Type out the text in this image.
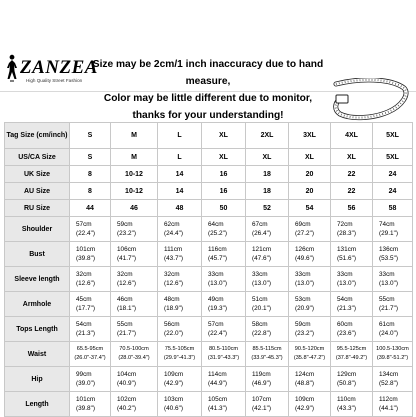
ZANZEA
High Quality Street Fashion
Size may be 2cm/1 inch inaccuracy due to hand measure,
Color may be little different due to monitor,
thanks for your understanding!
Tag Size (cm/inch)	S	M	L	XL	2XL	3XL	4XL	5XL
US/CA Size	S	M	L	XL	XL	XL	XL	5XL
UK Size	8	10-12	14	16	18	20	22	24
AU Size	8	10-12	14	16	18	20	22	24
RU Size	44	46	48	50	52	54	56	58
Shoulder	57cm
(22.4")	59cm
(23.2")	62cm
(24.4")	64cm
(25.2")	67cm
(26.4")	69cm
(27.2")	72cm
(28.3")	74cm
(29.1")

Bust	101cm
(39.8")	106cm
(41.7")	111cm
(43.7")	116cm
(45.7")	121cm
(47.6")	126cm
(49.6")	131cm
(51.6")	136cm
(53.5")

Sleeve length	32cm
(12.6")	32cm
(12.6")	32cm
(12.6")	33cm
(13.0")	33cm
(13.0")	33cm
(13.0")	33cm
(13.0")	33cm
(13.0")

Armhole	45cm
(17.7")	46cm
(18.1")	48cm
(18.9")	49cm
(19.3")	51cm
(20.1")	53cm
(20.9")	54cm
(21.3")	55cm
(21.7")

Tops Length	54cm
(21.3")	55cm
(21.7")	56cm
(22.0")	57cm
(22.4")	58cm
(22.8")	59cm
(23.2")	60cm
(23.6")	61cm
(24.0")

Waist	65.5-95cm
(26.0"-37.4")	70.5-100cm
(28.0"-39.4")	75.5-105cm
(29.9"-41.3")	80.5-110cm
(31.9"-43.3")	85.5-115cm
(33.9"-45.3")	90.5-120cm
(35.8"-47.2")	95.5-125cm
(37.8"-49.2")	100.5-130cm
(39.8"-51.2")

Hip	99cm
(39.0")	104cm
(40.9")	109cm
(42.9")	114cm
(44.9")	119cm
(46.9")	124cm
(48.8")	129cm
(50.8")	134cm
(52.8")

Length	101cm
(39.8")	102cm
(40.2")	103cm
(40.6")	105cm
(41.3")	107cm
(42.1")	109cm
(42.9")	110cm
(43.3")	112cm
(44.1")
